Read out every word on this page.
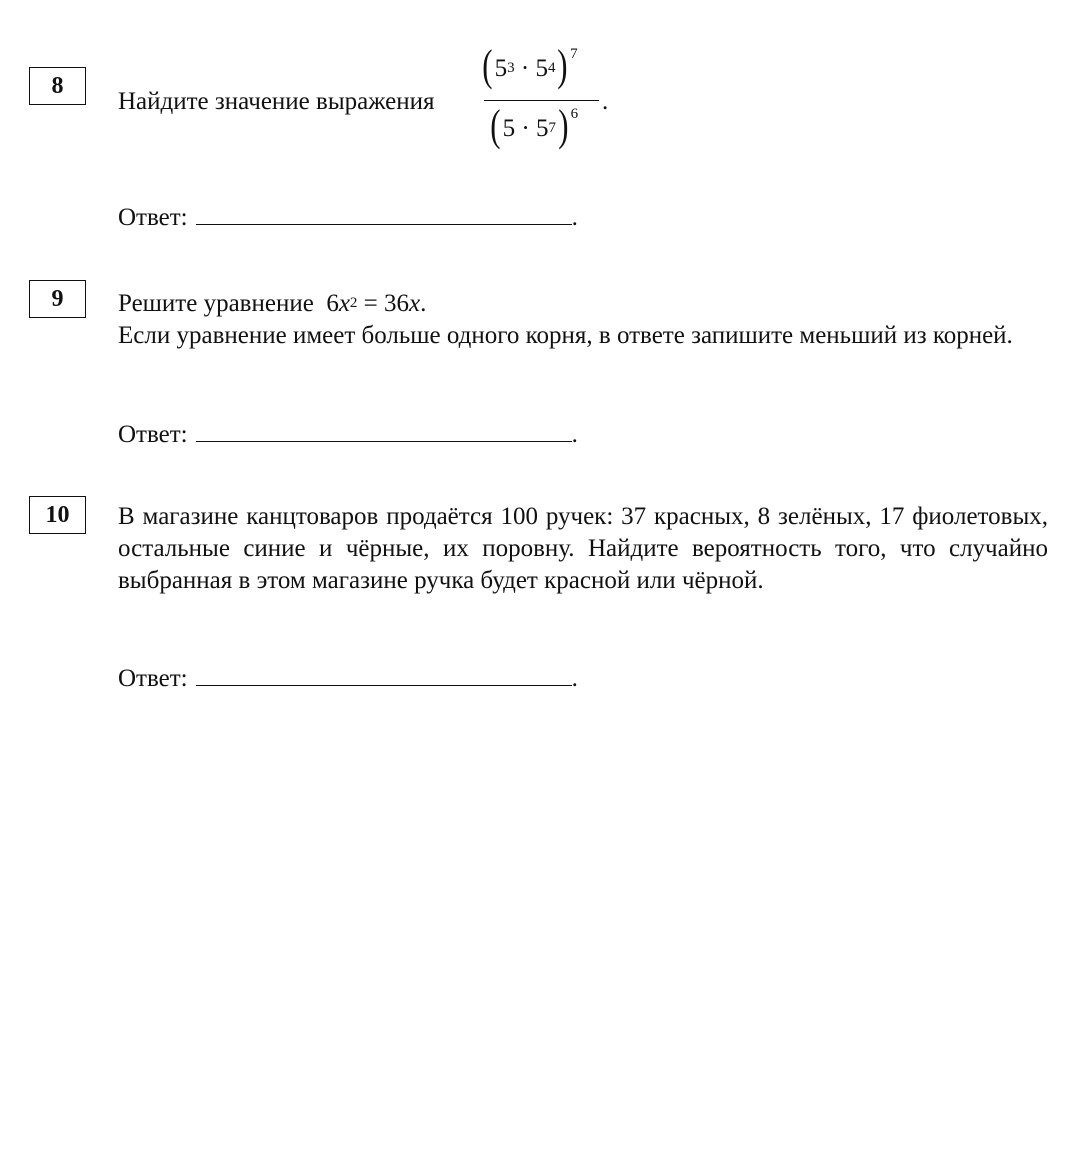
8
Найдите значение выражения
$(5^3 \cdot 5^4)$ $^7$
$(5 \cdot 5^7)$ $^6$ .
Ответ:	.
9	Решите уравнение $6x^2 = 36x$.
Если уравнение имеет больше одного корня, в ответе запишите меньший из корней.
Ответ:	.
10	В магазине канцтоваров продаётся 100 ручек: 37 красных, 8 зелёных, 17 фиолетовых, остальные синие и чёрные, их поровну. Найдите вероятность того, что случайно выбранная в этом магазине ручка будет красной или чёрной.
Ответ:	.
